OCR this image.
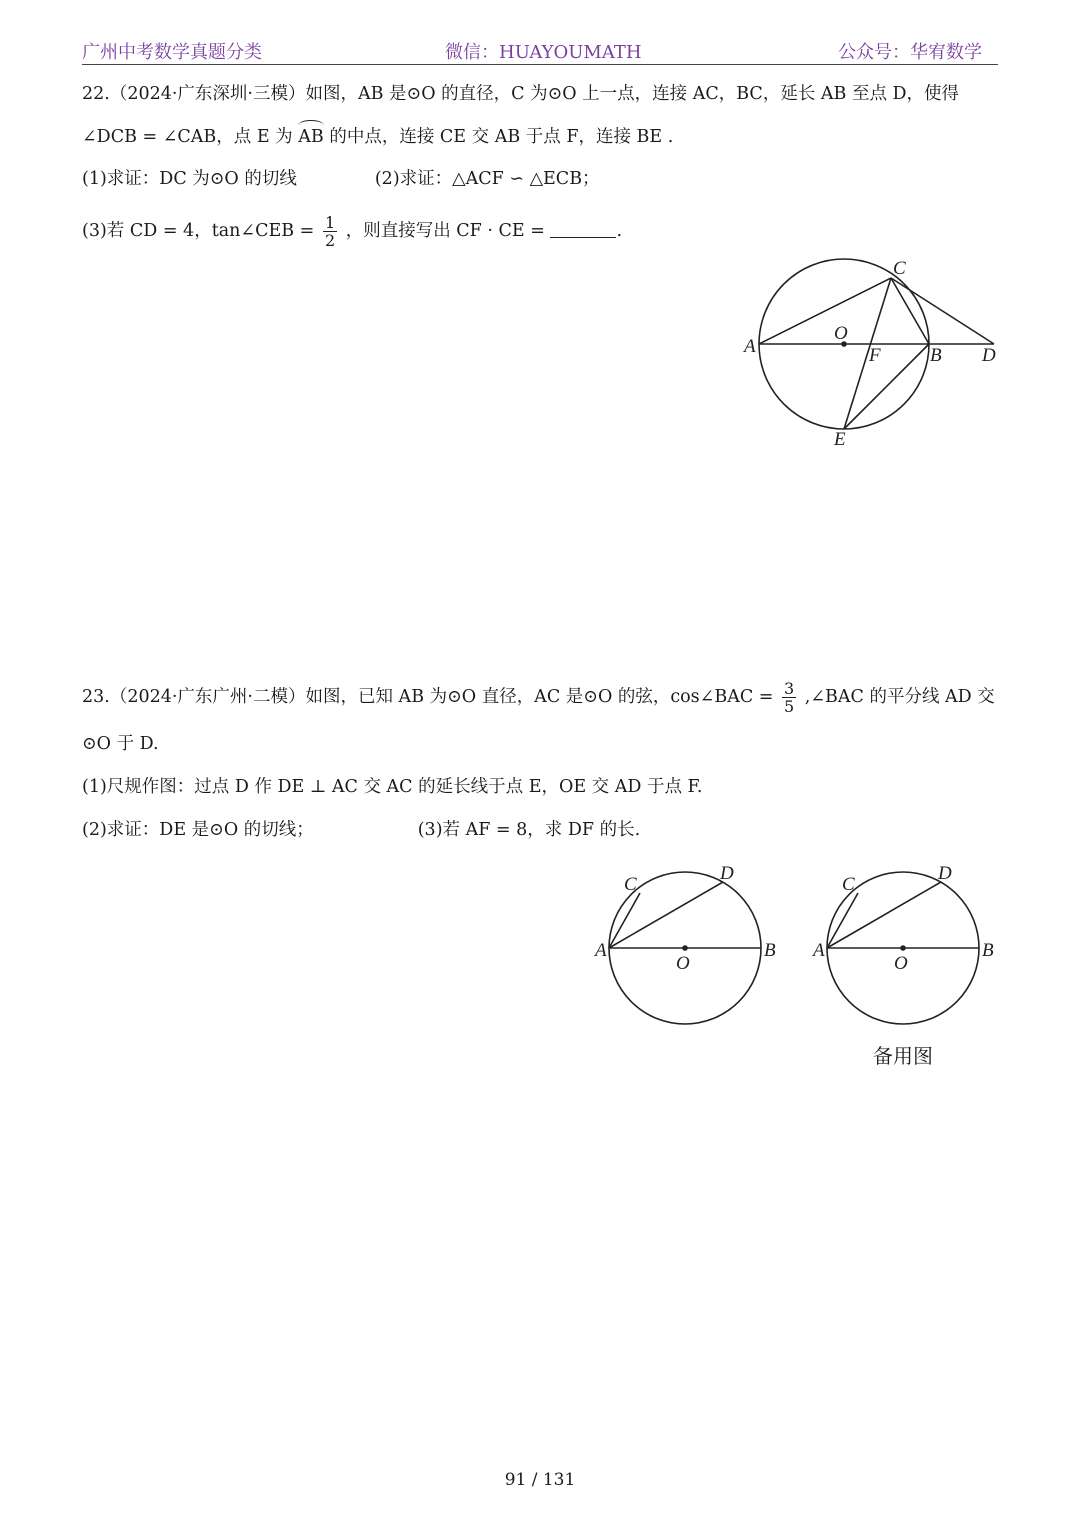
广州中考数学真题分类	微信：HUAYOUMATH	公众号：华宥数学
22.（2024·广东深圳·三模）如图，AB 是⊙O 的直径，C 为⊙O 上一点，连接 AC，BC，延长 AB 至点 D，使得
∠DCB = ∠CAB，点 E 为 AB 的中点，连接 CE 交 AB 于点 F，连接 BE .
(1)求证：DC 为⊙O 的切线	(2)求证：△ACF ∽ △ECB；
(3)若 CD = 4，tan∠CEB = $\frac{1}{2}$ ，则直接写出 CF · CE =	.
A
O
F	B D
C
E
23.（2024·广东广州·二模）如图，已知 AB 为⊙O 直径，AC 是⊙O 的弦，cos∠BAC = $\frac{3}{5}$ ,∠BAC 的平分线 AD 交
⊙O 于 D.
(1)尺规作图：过点 D 作 DE ⊥ AC 交 AC 的延长线于点 E，OE 交 AD 于点 F.
(2)求证：DE 是⊙O 的切线；	(3)若 AF = 8，求 DF 的长.
A	B
C
D
O
A	B
C
D
O
备用图
91 / 131
